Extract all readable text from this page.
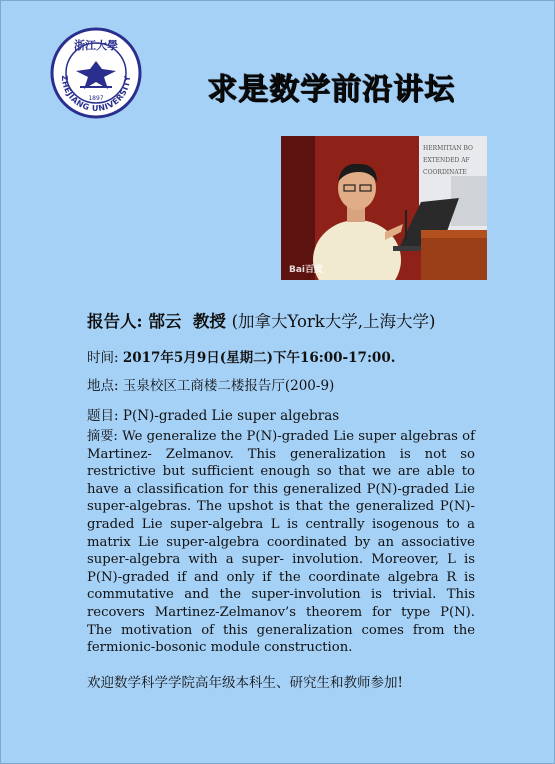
浙江大學
ZHEJIANG UNIVERSITY
1897	求是数学前沿讲坛
HERMITIAN BO
EXTENDED AF
COORDINATE
Bai百度
报告人: 郜云  教授 (加拿大York大学,上海大学)
时间: 2017年5月9日(星期二)下午16:00-17:00.
地点: 玉泉校区工商楼二楼报告厅(200-9)
题目: P(N)-graded Lie super algebras
摘要: We generalize the P(N)-graded Lie super algebras of Martinez- Zelmanov. This generalization is not so restrictive but sufficient enough so that we are able to have a classification for this generalized P(N)-graded Lie super-algebras. The upshot is that the generalized P(N)-graded Lie super-algebra L is centrally isogenous to a matrix Lie super-algebra coordinated by an associative super-algebra with a super- involution. Moreover, L is P(N)-graded if and only if the coordinate algebra R is commutative and the super-involution is trivial. This recovers Martinez-Zelmanov’s theorem for type P(N). The motivation of this generalization comes from the fermionic-bosonic module construction.
欢迎数学科学学院高年级本科生、研究生和教师参加!
